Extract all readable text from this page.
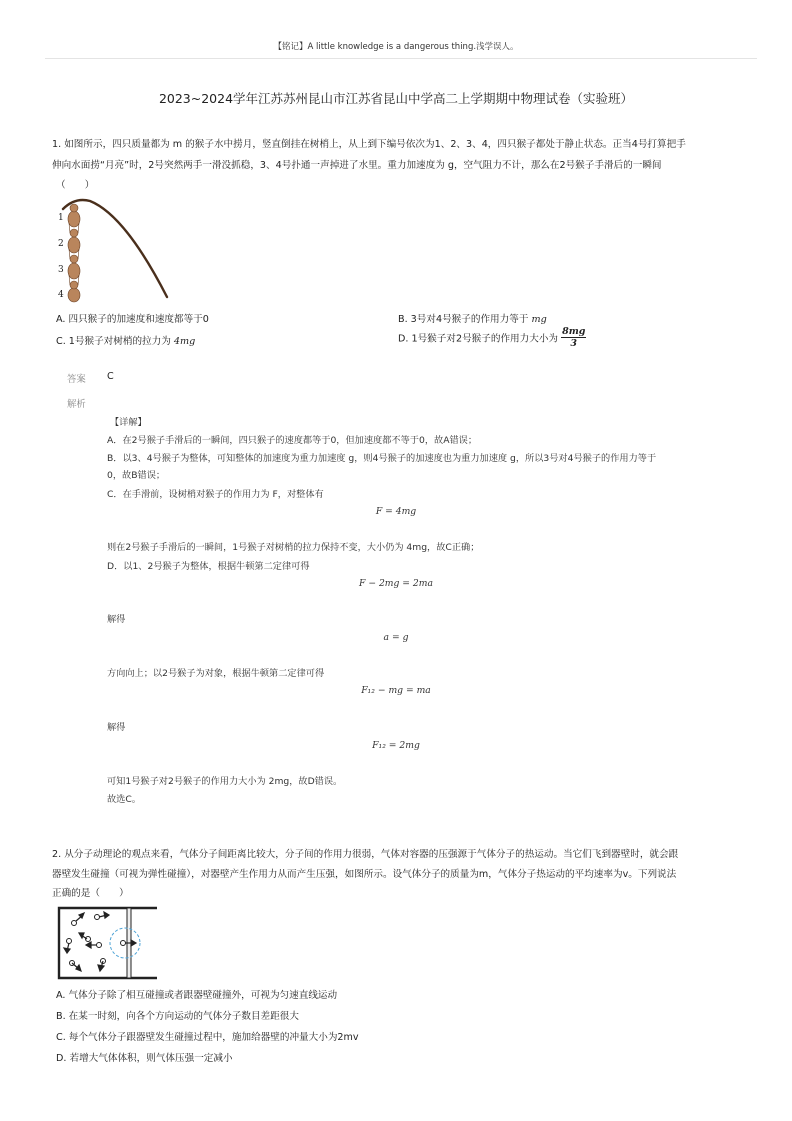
【铭记】A little knowledge is a dangerous thing.浅学误人。
2023~2024学年江苏苏州昆山市江苏省昆山中学高二上学期期中物理试卷（实验班）
1. 如图所示，四只质量都为 m 的猴子水中捞月，竖直倒挂在树梢上，从上到下编号依次为1、2、3、4，四只猴子都处于静止状态。正当4号打算把手
伸向水面捞“月亮”时，2号突然两手一滑没抓稳，3、4号扑通一声掉进了水里。重力加速度为 g，空气阻力不计，那么在2号猴子手滑后的一瞬间
（　　）
1
2
3
4
A. 四只猴子的加速度和速度都等于0	B. 3号对4号猴子的作用力等于 mg
C. 1号猴子对树梢的拉力为 4mg	D. 1号猴子对2号猴子的作用力大小为 $\frac{8mg}{3}$
答案 C
解析
【详解】
A．在2号猴子手滑后的一瞬间，四只猴子的速度都等于0，但加速度都不等于0，故A错误；
B．以3、4号猴子为整体，可知整体的加速度为重力加速度 g，则4号猴子的加速度也为重力加速度 g，所以3号对4号猴子的作用力等于
0，故B错误；
C．在手滑前，设树梢对猴子的作用力为 F，对整体有
F = 4mg
则在2号猴子手滑后的一瞬间，1号猴子对树梢的拉力保持不变，大小仍为 4mg，故C正确；
D．以1、2号猴子为整体，根据牛顿第二定律可得
F − 2mg = 2ma
解得
a = g
方向向上；以2号猴子为对象，根据牛顿第二定律可得
F₁₂ − mg = ma
解得
F₁₂ = 2mg
可知1号猴子对2号猴子的作用力大小为 2mg，故D错误。
故选C。
2. 从分子动理论的观点来看，气体分子间距离比较大，分子间的作用力很弱，气体对容器的压强源于气体分子的热运动。当它们飞到器壁时，就会跟
器壁发生碰撞（可视为弹性碰撞），对器壁产生作用力从而产生压强，如图所示。设气体分子的质量为m，气体分子热运动的平均速率为v。下列说法
正确的是（　　）
A. 气体分子除了相互碰撞或者跟器壁碰撞外，可视为匀速直线运动
B. 在某一时刻，向各个方向运动的气体分子数目差距很大
C. 每个气体分子跟器壁发生碰撞过程中，施加给器壁的冲量大小为2mv
D. 若增大气体体积，则气体压强一定减小
